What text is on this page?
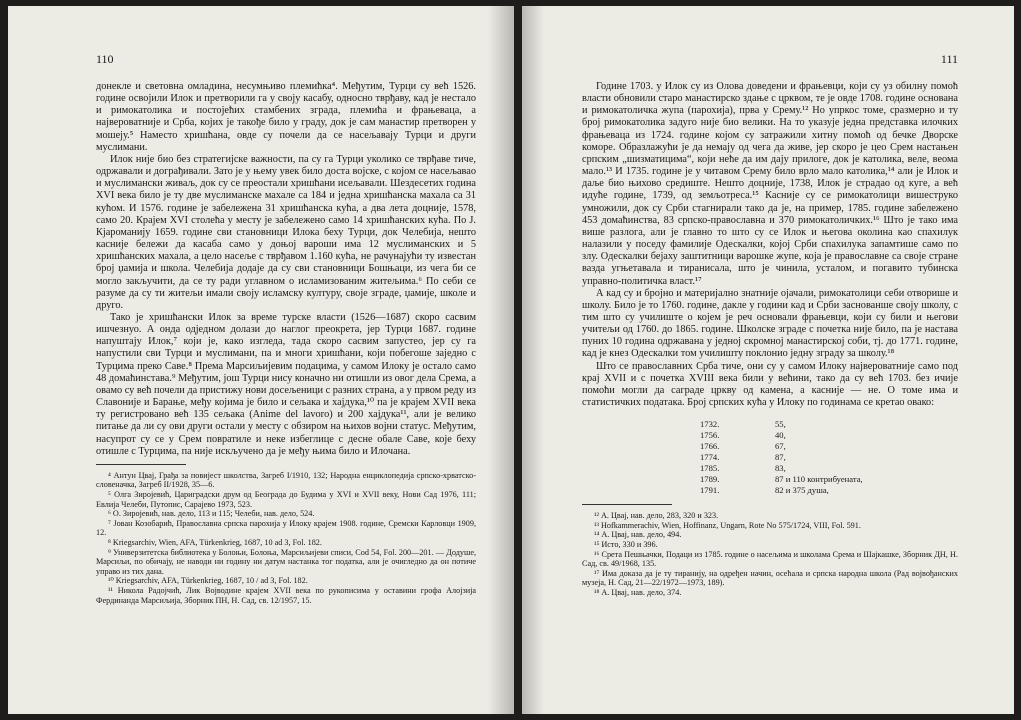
110

донекле и световна омладина, несумњиво племићка⁴. Међутим, Турци су већ 1526. године освојили Илок и претворили га у своју касабу, односно тврђаву, кад је нестало и римокатолика и постојећих стамбених зграда, племића и фрањеваца, а највероватније и Срба, којих је такође било у граду, док је сам манастир претворен у мошеју.⁵ Наместо хришћана, овде су почели да се насељавају Турци и други муслимани.

Илок није био без стратегијске важности, па су га Турци уколико се тврђаве тиче, одржавали и дограђивали. Зато је у њему увек било доста војске, с којом се насељавао и муслимански живаљ, док су се преостали хришћани исељавали. Шездесетих година XVI века било је ту две муслиманске махале са 184 и једна хришћанска махала са 31 кућом. И 1576. године је забележена 31 хришћанска кућа, а два лета доцније, 1578, само 20. Крајем XVI столећа у месту је забележено само 14 хришћанских кућа. По Ј. Кјароманију 1659. године сви становници Илока беху Турци, док Челебија, нешто касније бележи да касаба само у доњој вароши има 12 муслиманских и 5 хришћанских махала, а цело насеље с тврђавом 1.160 кућа, не рачунајући ту известан број џамија и школа. Челебија додаје да су сви становници Бошњаци, из чега би се могло закључити, да се ту ради углавном о исламизованим житељима.⁶ По себи се разуме да су ти житељи имали своју исламску културу, своје зграде, џамије, школе и друго.

Тако је хришћански Илок за време турске власти (1526—1687) скоро сасвим ишчезнуо. А онда одједном долази до наглог преокрета, јер Турци 1687. године напуштају Илок,⁷ који је, како изгледа, тада скоро сасвим запустео, јер су га напустили сви Турци и муслимани, па и многи хришћани, који побегоше заједно с Турцима преко Саве.⁸ Према Марсиљијевим подацима, у самом Илоку је остало само 48 домаћинстава.⁹ Међутим, још Турци нису коначно ни отишли из овог дела Срема, а овамо су већ почели да пристижу нови досељеници с разних страна, а у првом реду из Славоније и Барање, међу којима је било и сељака и хајдука,¹⁰ па је крајем XVII века ту регистровано већ 135 сељака (Anime del lavoro) и 200 хајдука¹¹, али је велико питање да ли су ови други остали у месту с обзиром на њихов војни статус. Међутим, насупрот су се у Срем повратиле и неке избеглице с десне обале Саве, које беху отишле с Турцима, па није искључено да је међу њима било и Илочана.

⁴ Антун Цвај, Грађа за повијест школства, Загреб I/1910, 132; Народна енциклопедија српско-хрватско-словеначка, Загреб II/1928, 35—6.

⁵ Олга Зиројевић, Цариградски друм од Београда до Будима у XVI и XVII веку, Нови Сад 1976, 111; Евлија Челеби, Путопис, Сарајево 1973, 523.

⁶ О. Зиројевић, нав. дело, 113 и 115; Челеби, нав. дело, 524.

⁷ Јован Козобарић, Православна српска парохија у Илоку крајем 1908. године, Сремски Карловци 1909, 12.

⁸ Kriegsarchiv, Wien, AFA, Türkenkrieg, 1687, 10 ad 3, Fol. 182.

⁹ Универзитетска библиотека у Болоњи, Болоња, Марсиљијеви списи, Cod 54, Fol. 200—201. — Додуше, Марсиљи, по обичају, не наводи ни годину ни датум настанка тог податка, али је очигледно да он потиче управо из тих дана.

¹⁰ Kriegsarchiv, AFA, Türkenkrieg, 1687, 10 / ad 3, Fol. 182.

¹¹ Никола Радојчић, Лик Војводине крајем XVII века по рукописима у оставини грофа Алојзија Фердинанда Марсиљија, Зборник ПН, Н. Сад, св. 12/1957, 15.

111

Године 1703. у Илок су из Олова доведени и фрањевци, који су уз обилну помоћ власти обновили старо манастирско здање с црквом, те је овде 1708. године основана и римокатоличка жупа (парохија), прва у Срему.¹² Но упркос томе, сразмерно и ту број римокатолика задуго није био велики. На то указује једна представка илочких фрањеваца из 1724. године којом су затражили хитну помоћ од бечке Дворске коморе. Образлажући је да немају од чега да живе, јер скоро је цео Срем настањен српским „шизматицима“, који неће да им дају прилоге, док је католика, веле, веома мало.¹³ И 1735. године је у читавом Срему било врло мало католика,¹⁴ али је Илок и даље био њихово средиште. Нешто доцније, 1738, Илок је страдао од куге, а већ идуће године, 1739, од земљотреса.¹⁵ Касније су се римокатолици вишеструко умножили, док су Срби стагнирали тако да је, на пример, 1785. године забележено 453 домаћинства, 83 српско-православна и 370 римокатоличких.¹⁶ Што је тако има више разлога, али је главно то што су се Илок и његова околина као спахилук налазили у поседу фамилије Одескалки, којој Срби спахилука запамтише само по злу. Одескалки бејаху заштитници варошке жупе, која је православне са своје стране вазда угњетавала и тиранисала, што је чинила, усталом, и погавито тубинска управно-политичка власт.¹⁷

А кад су и бројно и материјално знатније ојачали, римокатолици себи отворише и школу. Било је то 1760. године, дакле у години кад и Срби заснованше своју школу, с тим што су училиште о којем је реч основали фрањевци, који су били и његови учитељи од 1760. до 1865. године. Школске зграде с почетка није било, па је настава пуних 10 година одржавана у једној скромној манастирској соби, тј. до 1771. године, кад је кнез Одескалки том училишту поклонио једну зграду за школу.¹⁸

Што се православних Срба тиче, они су у самом Илоку највероватније само под крај XVII и с почетка XVIII века били у већини, тако да су већ 1703. без ичије помоћи могли да саграде цркву од камена, а касније — не. О томе има и статистичких података. Број српских кућа у Илоку по годинама се кретао овако:

1732.	55,
1756.	40,
1766.	67,
1774.	87,
1785.	83,
1789.	87 и 110 контрибуената,
1791.	82 и 375 душа,

¹² А. Цвај, нав. дело, 283, 320 и 323.

¹³ Hofkammerachiv, Wien, Hoffinanz, Ungarn, Rote No 575/1724, VIII, Fol. 591.

¹⁴ А. Цвај, нав. дело, 494.

¹⁵ Исто, 330 и 396.

¹⁶ Срета Пешњачки, Подаци из 1785. године о насељима и школама Срема и Шајкашке, Зборник ДН, Н. Сад, св. 49/1968, 135.

¹⁷ Има доказа да је ту тиранију, на одређен начин, осећала и српска народна школа (Рад војвођанских музеја, Н. Сад, 21—22/1972—1973, 189).

¹⁸ А. Цвај, нав. дело, 374.
